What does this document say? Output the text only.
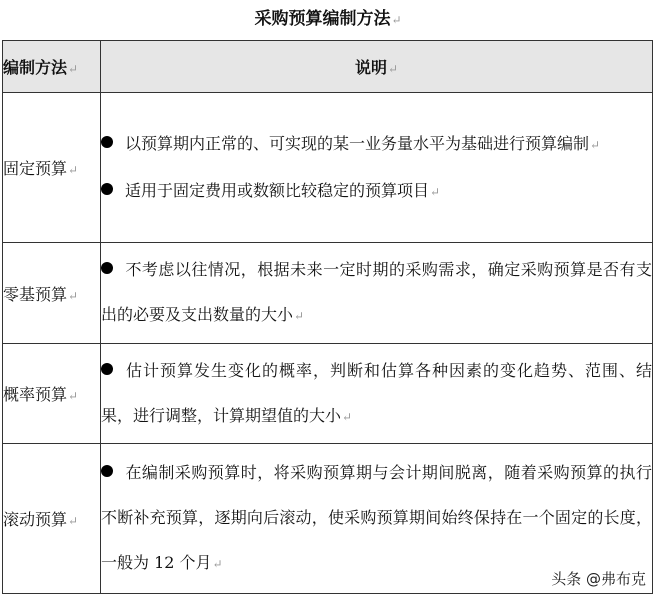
采购预算编制方法↵
编制方法↵	说明↵
固定预算↵	以预算期内正常的、可实现的某一业务量水平为基础进行预算编制↵
适用于固定费用或数额比较稳定的预算项目↵

零基预算↵	不考虑以往情况，根据未来一定时期的采购需求，确定采购预算是否有支出的必要及支出数量的大小↵

概率预算↵	估计预算发生变化的概率，判断和估算各种因素的变化趋势、范围、结果，进行调整，计算期望值的大小↵

滚动预算↵	在编制采购预算时，将采购预算期与会计期间脱离，随着采购预算的执行不断补充预算，逐期向后滚动，使采购预算期间始终保持在一个固定的长度，一般为 12 个月↵
头条 @弗布克
